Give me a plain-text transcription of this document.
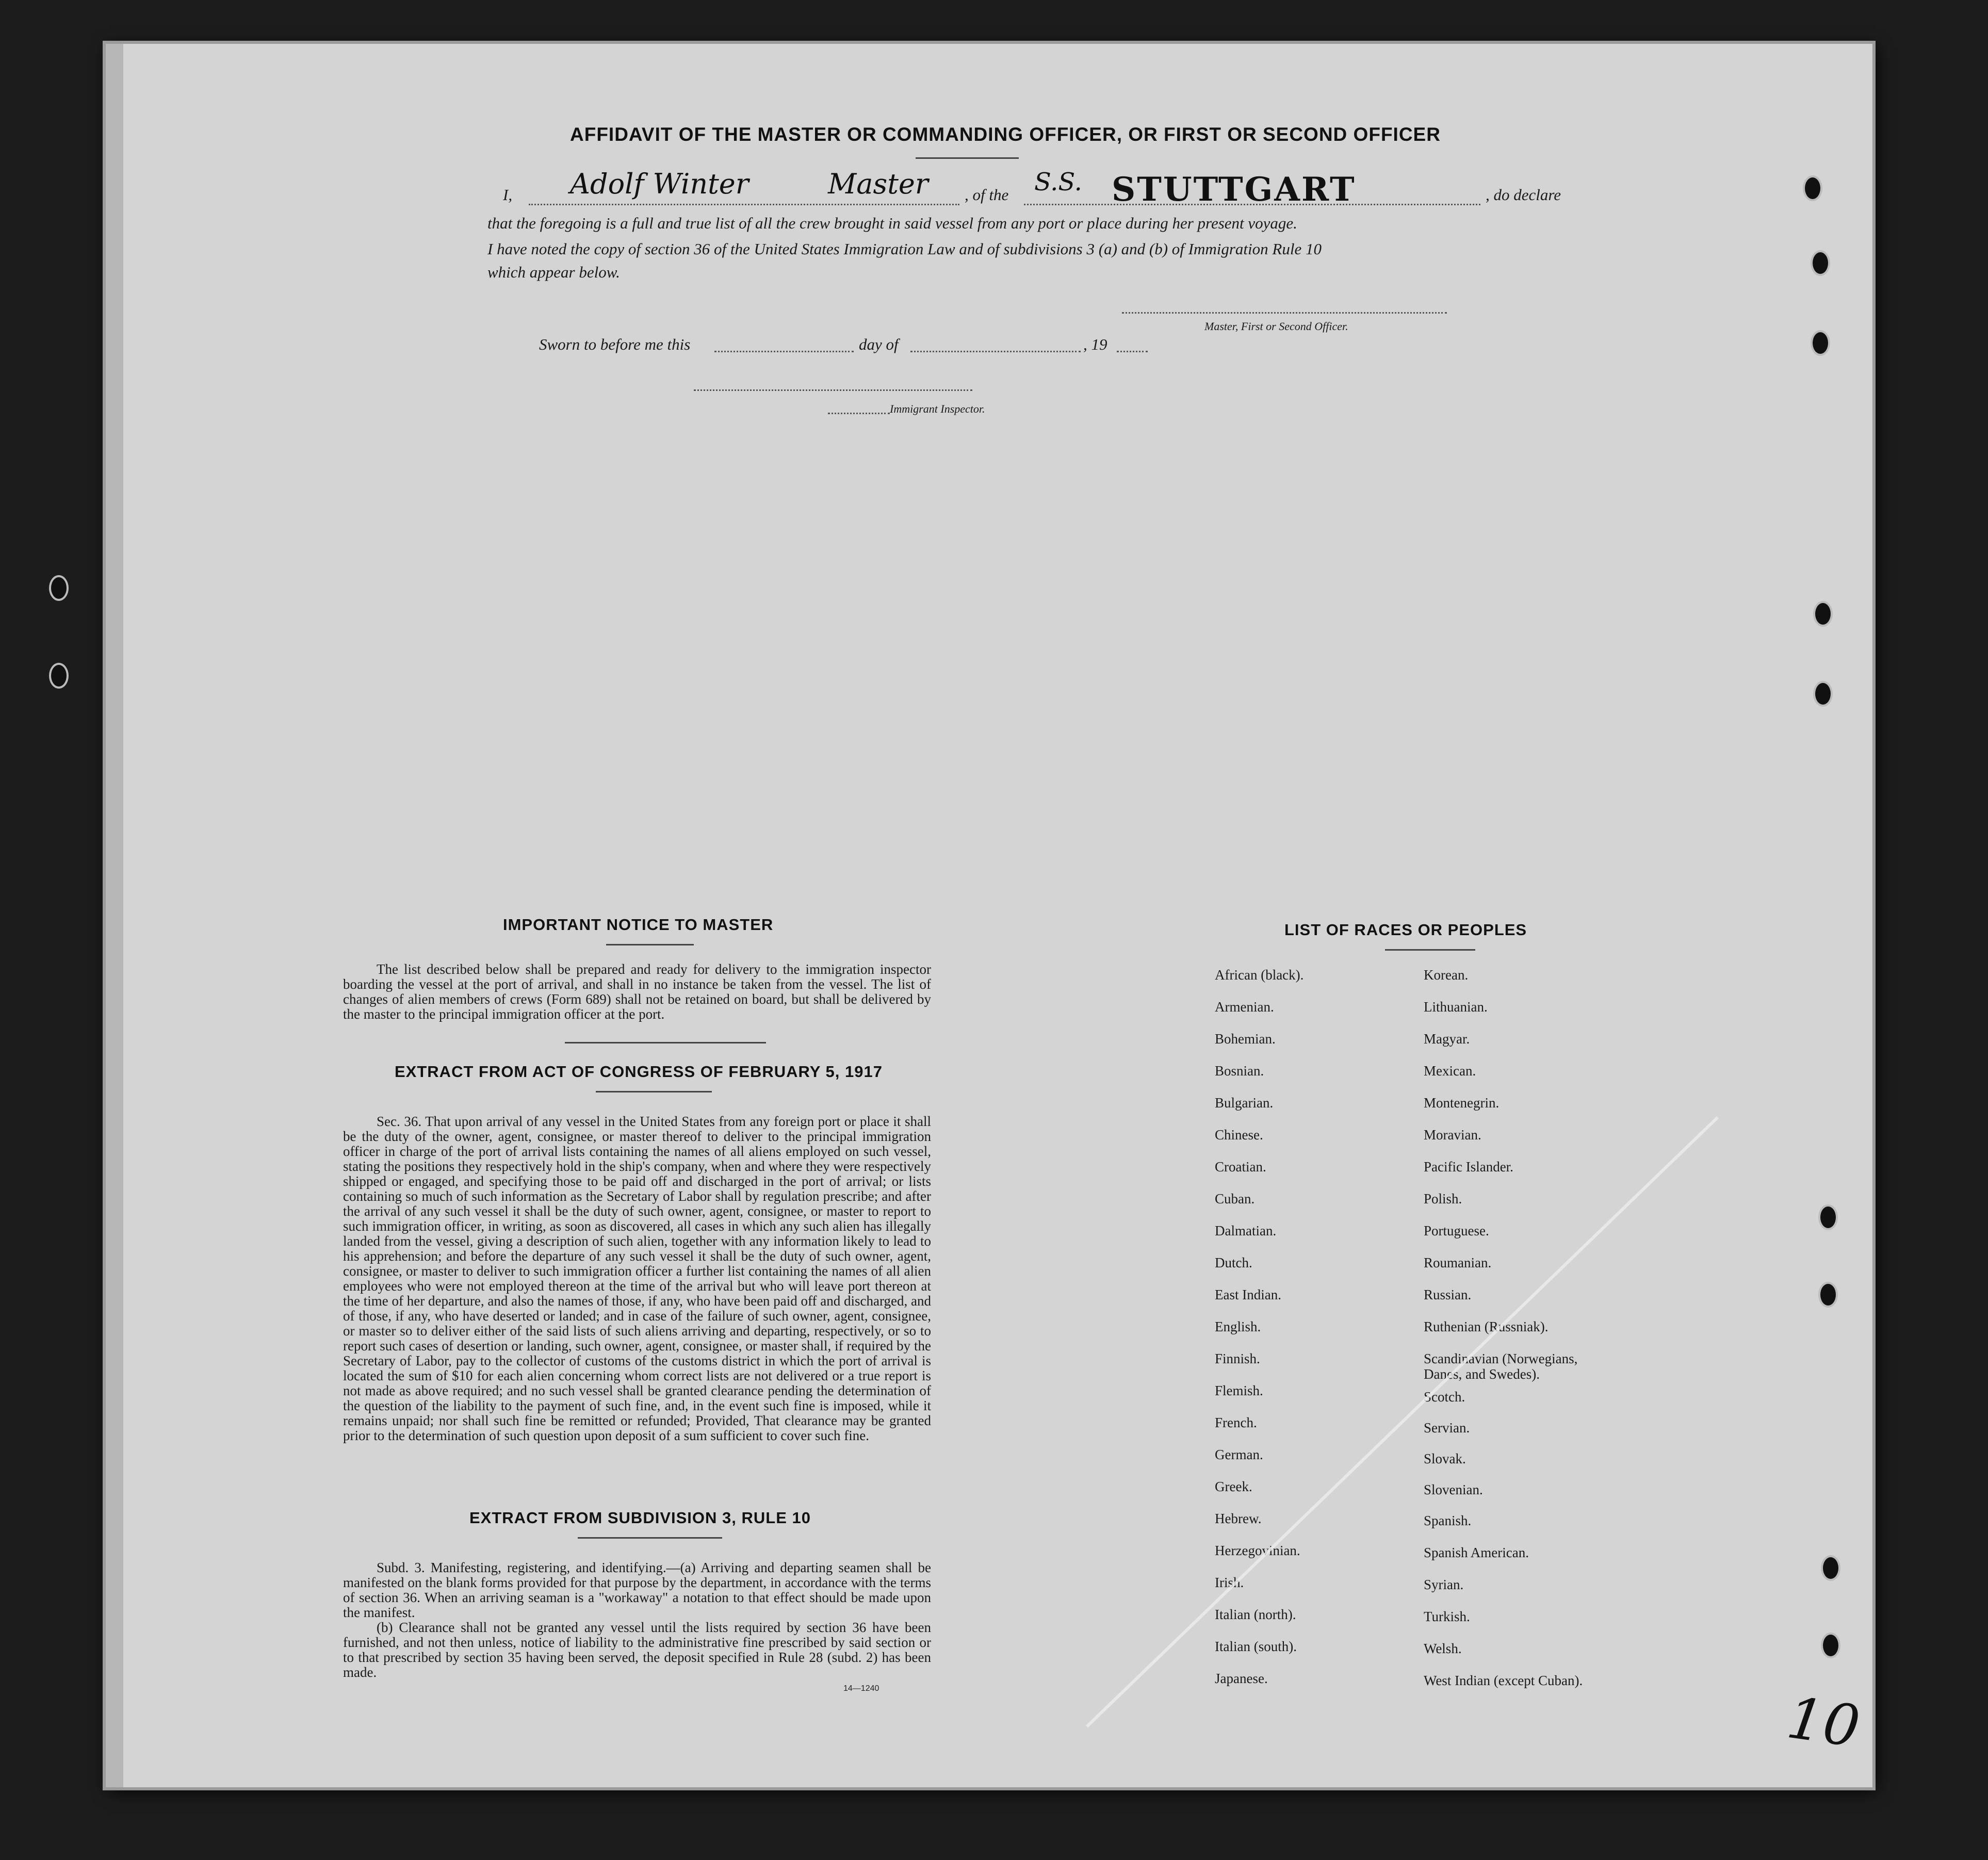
AFFIDAVIT OF THE MASTER OR COMMANDING OFFICER, OR FIRST OR SECOND OFFICER
I, Adolf Winter	Master , of the S.S. STUTTGART	, do declare
that the foregoing is a full and true list of all the crew brought in said vessel from any port or place during her present voyage.
I have noted the copy of section 36 of the United States Immigration Law and of subdivisions 3 (a) and (b) of Immigration Rule 10
which appear below.
Master, First or Second Officer.
Sworn to before me this	day of	, 19
Immigrant Inspector.
IMPORTANT NOTICE TO MASTER

The list described below shall be prepared and ready for delivery to the immigration inspector boarding the vessel at the port of arrival, and shall in no instance be taken from the vessel. The list of changes of alien members of crews (Form 689) shall not be retained on board, but shall be delivered by the master to the principal immigration officer at the port.

EXTRACT FROM ACT OF CONGRESS OF FEBRUARY 5, 1917

Sec. 36. That upon arrival of any vessel in the United States from any foreign port or place it shall be the duty of the owner, agent, consignee, or master thereof to deliver to the principal immigration officer in charge of the port of arrival lists containing the names of all aliens employed on such vessel, stating the positions they respectively hold in the ship's company, when and where they were respectively shipped or engaged, and specifying those to be paid off and discharged in the port of arrival; or lists containing so much of such information as the Secretary of Labor shall by regulation prescribe; and after the arrival of any such vessel it shall be the duty of such owner, agent, consignee, or master to report to such immigration officer, in writing, as soon as discovered, all cases in which any such alien has illegally landed from the vessel, giving a description of such alien, together with any information likely to lead to his apprehension; and before the departure of any such vessel it shall be the duty of such owner, agent, consignee, or master to deliver to such immigration officer a further list containing the names of all alien employees who were not employed thereon at the time of the arrival but who will leave port thereon at the time of her departure, and also the names of those, if any, who have been paid off and discharged, and of those, if any, who have deserted or landed; and in case of the failure of such owner, agent, consignee, or master so to deliver either of the said lists of such aliens arriving and departing, respectively, or so to report such cases of desertion or landing, such owner, agent, consignee, or master shall, if required by the Secretary of Labor, pay to the collector of customs of the customs district in which the port of arrival is located the sum of $10 for each alien concerning whom correct lists are not delivered or a true report is not made as above required; and no such vessel shall be granted clearance pending the determination of the question of the liability to the payment of such fine, and, in the event such fine is imposed, while it remains unpaid; nor shall such fine be remitted or refunded; Provided, That clearance may be granted prior to the determination of such question upon deposit of a sum sufficient to cover such fine.

EXTRACT FROM SUBDIVISION 3, RULE 10

Subd. 3. Manifesting, registering, and identifying.—(a) Arriving and departing seamen shall be manifested on the blank forms provided for that purpose by the department, in accordance with the terms of section 36. When an arriving seaman is a "workaway" a notation to that effect should be made upon the manifest.

(b) Clearance shall not be granted any vessel until the lists required by section 36 have been furnished, and not then unless, notice of liability to the administrative fine prescribed by said section or to that prescribed by section 35 having been served, the deposit specified in Rule 28 (subd. 2) has been made.

14—1240
LIST OF RACES OR PEOPLES
African (black).
Armenian.
Bohemian.
Bosnian.
Bulgarian.
Chinese.
Croatian.
Cuban.
Dalmatian.
Dutch.
East Indian.
English.
Finnish.
Flemish.
French.
German.
Greek.
Hebrew.
Herzegovinian.
Irish.
Italian (north).
Italian (south).
Japanese.
Korean.
Lithuanian.
Magyar.
Mexican.
Montenegrin.
Moravian.
Pacific Islander.
Polish.
Portuguese.
Roumanian.
Russian.
Ruthenian (Russniak).
Scandinavian (Norwegians, Danes, and Swedes).
Scotch.
Servian.
Slovak.
Slovenian.
Spanish.
Spanish American.
Syrian.
Turkish.
Welsh.
West Indian (except Cuban).
10
